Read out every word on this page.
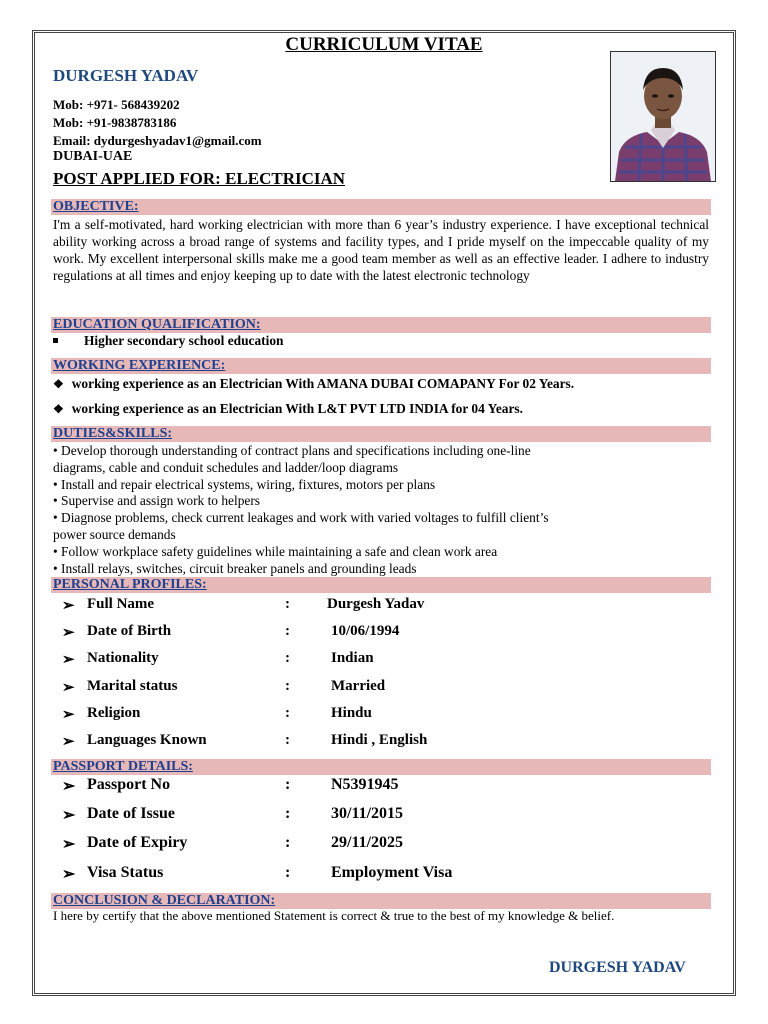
CURRICULUM VITAE
DURGESH YADAV
Mob: +971- 568439202
Mob: +91-9838783186
Email: dydurgeshyadav1@gmail.com
DUBAI-UAE
POST APPLIED FOR: ELECTRICIAN
OBJECTIVE:
I'm a self-motivated, hard working electrician with more than 6 year’s industry experience. I have exceptional technical ability working across a broad range of systems and facility types, and I pride myself on the impeccable quality of my work. My excellent interpersonal skills make me a good team member as well as an effective leader. I adhere to industry regulations at all times and enjoy keeping up to date with the latest electronic technology
EDUCATION QUALIFICATION:
Higher secondary school education
WORKING EXPERIENCE:
❖ working experience as an Electrician With AMANA DUBAI COMAPANY For 02 Years.
❖ working experience as an Electrician With L&T PVT LTD INDIA for 04 Years.
DUTIES&SKILLS:
• Develop thorough understanding of contract plans and specifications including one-line
diagrams, cable and conduit schedules and ladder/loop diagrams
• Install and repair electrical systems, wiring, fixtures, motors per plans
• Supervise and assign work to helpers
• Diagnose problems, check current leakages and work with varied voltages to fulfill client’s
power source demands
• Follow workplace safety guidelines while maintaining a safe and clean work area
• Install relays, switches, circuit breaker panels and grounding leads
PERSONAL PROFILES:
➢ Full Name	: Durgesh Yadav
➢ Date of Birth	:	10/06/1994
➢ Nationality	:	Indian
➢ Marital status	:	Married
➢ Religion	:	Hindu
➢ Languages Known	:	Hindi , English
PASSPORT DETAILS:
➢ Passport No	:	N5391945
➢ Date of Issue	:	30/11/2015
➢ Date of Expiry	:	29/11/2025
➢ Visa Status	:	Employment Visa
CONCLUSION & DECLARATION:
I here by certify that the above mentioned Statement is correct & true to the best of my knowledge & belief.
DURGESH YADAV
